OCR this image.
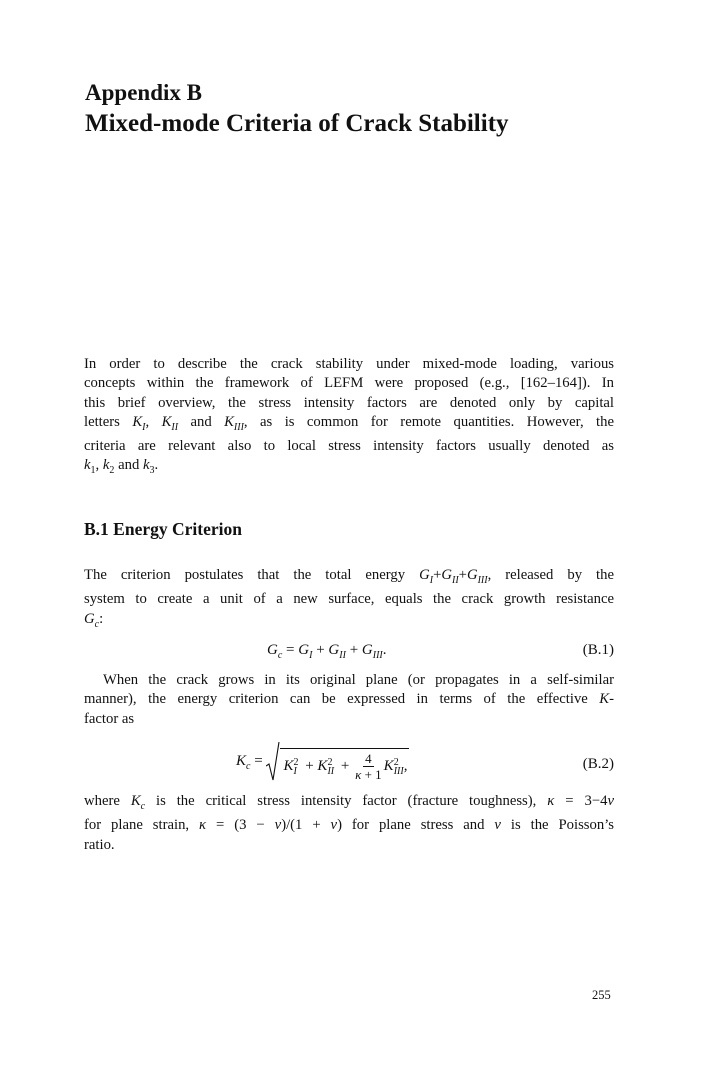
Appendix B
Mixed-mode Criteria of Crack Stability
In order to describe the crack stability under mixed-mode loading, various
concepts within the framework of LEFM were proposed (e.g., [162–164]). In
this brief overview, the stress intensity factors are denoted only by capital
letters $K_I$, $K_{II}$ and $K_{III}$, as is common for remote quantities. However, the
criteria are relevant also to local stress intensity factors usually denoted as
$k_1$, $k_2$ and $k_3$.
B.1 Energy Criterion
The criterion postulates that the total energy $G_I+G_{II}+G_{III}$, released by the
system to create a unit of a new surface, equals the crack growth resistance
$G_c$:
$G_c = G_I + G_{II} + G_{III}$.	(B.1)
When the crack grows in its original plane (or propagates in a self-similar
manner), the energy criterion can be expressed in terms of the effective K-
factor as
$K_c = K$ 2
I + K 2
II + $\frac{4}{\kappa + 1}$ K 2
III ,	(B.2)
where $K_c$ is the critical stress intensity factor (fracture toughness), κ = 3−4ν
for plane strain, κ = (3 − ν)/(1 + ν) for plane stress and ν is the Poisson’s
ratio.
255
